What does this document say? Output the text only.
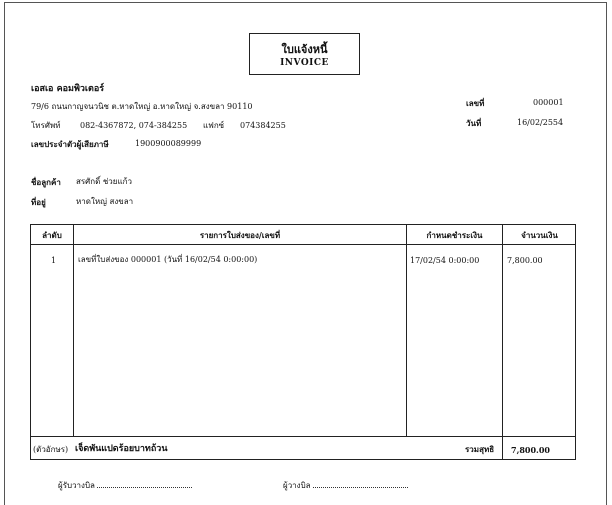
ใบแจ้งหนี้
INVOICE
เอสเอ คอมพิวเตอร์
79/6 ถนนกาญจนวนิช ต.หาดใหญ่ อ.หาดใหญ่ จ.สงขลา 90110
โทรศัพท์ 082-4367872, 074-384255 แฟกซ์ 074384255
เลขประจำตัวผู้เสียภาษี	1900900089999
เลขที่	000001
วันที่	16/02/2554
ชื่อลูกค้า สรศักดิ์ ช่วยแก้ว
ที่อยู่	หาดใหญ่ สงขลา
ลำดับ	รายการใบส่งของ/เลขที่	กำหนดชำระเงิน	จำนวนเงิน
1	เลขที่ใบส่งของ 000001 (วันที่ 16/02/54 0:00:00)	17/02/54 0:00:00	7,800.00
(ตัวอักษร) เจ็ดพันแปดร้อยบาทถ้วน	รวมสุทธิ 7,800.00
ผู้รับวางบิล	ผู้วางบิล
